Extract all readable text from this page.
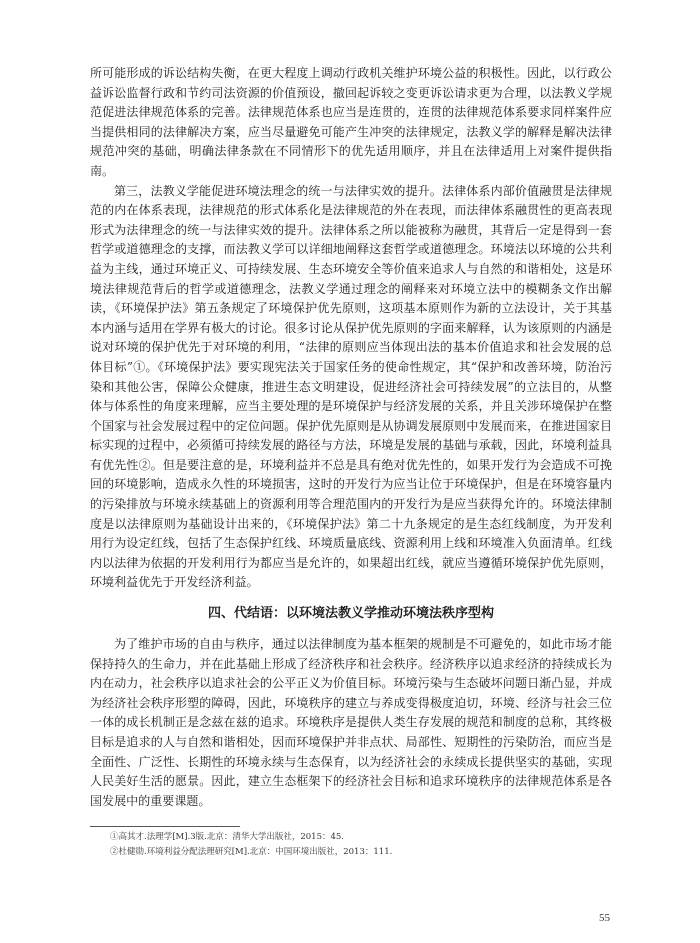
所可能形成的诉讼结构失衡，在更大程度上调动行政机关维护环境公益的积极性。因此，以行政公益诉讼监督行政和节约司法资源的价值预设，撤回起诉较之变更诉讼请求更为合理，以法教义学规范促进法律规范体系的完善。法律规范体系也应当是连贯的，连贯的法律规范体系要求同样案件应当提供相同的法律解决方案，应当尽量避免可能产生冲突的法律规定，法教义学的解释是解决法律规范冲突的基础，明确法律条款在不同情形下的优先适用顺序，并且在法律适用上对案件提供指南。

第三，法教义学能促进环境法理念的统一与法律实效的提升。法律体系内部价值融贯是法律规范的内在体系表现，法律规范的形式体系化是法律规范的外在表现，而法律体系融贯性的更高表现形式为法律理念的统一与法律实效的提升。法律体系之所以能被称为融贯，其背后一定是得到一套哲学或道德理念的支撑，而法教义学可以详细地阐释这套哲学或道德理念。环境法以环境的公共利益为主线，通过环境正义、可持续发展、生态环境安全等价值来追求人与自然的和谐相处，这是环境法律规范背后的哲学或道德理念，法教义学通过理念的阐释来对环境立法中的模糊条文作出解读，《环境保护法》第五条规定了环境保护优先原则，这项基本原则作为新的立法设计，关于其基本内涵与适用在学界有极大的讨论。很多讨论从保护优先原则的字面来解释，认为该原则的内涵是说对环境的保护优先于对环境的利用，“法律的原则应当体现出法的基本价值追求和社会发展的总体目标”①。《环境保护法》要实现宪法关于国家任务的使命性规定，其“保护和改善环境，防治污染和其他公害，保障公众健康，推进生态文明建设，促进经济社会可持续发展”的立法目的，从整体与体系性的角度来理解，应当主要处理的是环境保护与经济发展的关系，并且关涉环境保护在整个国家与社会发展过程中的定位问题。保护优先原则是从协调发展原则中发展而来，在推进国家目标实现的过程中，必须循可持续发展的路径与方法，环境是发展的基础与承载，因此，环境利益具有优先性②。但是要注意的是，环境利益并不总是具有绝对优先性的，如果开发行为会造成不可挽回的环境影响，造成永久性的环境损害，这时的开发行为应当让位于环境保护，但是在环境容量内的污染排放与环境永续基础上的资源利用等合理范围内的开发行为是应当获得允许的。环境法律制度是以法律原则为基础设计出来的，《环境保护法》第二十九条规定的是生态红线制度，为开发利用行为设定红线，包括了生态保护红线、环境质量底线、资源利用上线和环境准入负面清单。红线内以法律为依据的开发利用行为都应当是允许的，如果超出红线，就应当遵循环境保护优先原则，环境利益优先于开发经济利益。

四、代结语：以环境法教义学推动环境法秩序型构

为了维护市场的自由与秩序，通过以法律制度为基本框架的规制是不可避免的，如此市场才能保持持久的生命力，并在此基础上形成了经济秩序和社会秩序。经济秩序以追求经济的持续成长为内在动力，社会秩序以追求社会的公平正义为价值目标。环境污染与生态破坏问题日渐凸显，并成为经济社会秩序形塑的障碍，因此，环境秩序的建立与养成变得极度迫切，环境、经济与社会三位一体的成长机制正是念兹在兹的追求。环境秩序是提供人类生存发展的规范和制度的总称，其终极目标是追求的人与自然和谐相处，因而环境保护并非点状、局部性、短期性的污染防治，而应当是全面性、广泛性、长期性的环境永续与生态保育，以为经济社会的永续成长提供坚实的基础，实现人民美好生活的愿景。因此，建立生态框架下的经济社会目标和追求环境秩序的法律规范体系是各国发展中的重要课题。

①高其才.法理学[M].3版.北京：清华大学出版社，2015：45.

②杜健勋.环境利益分配法理研究[M].北京：中国环境出版社，2013：111.

55
